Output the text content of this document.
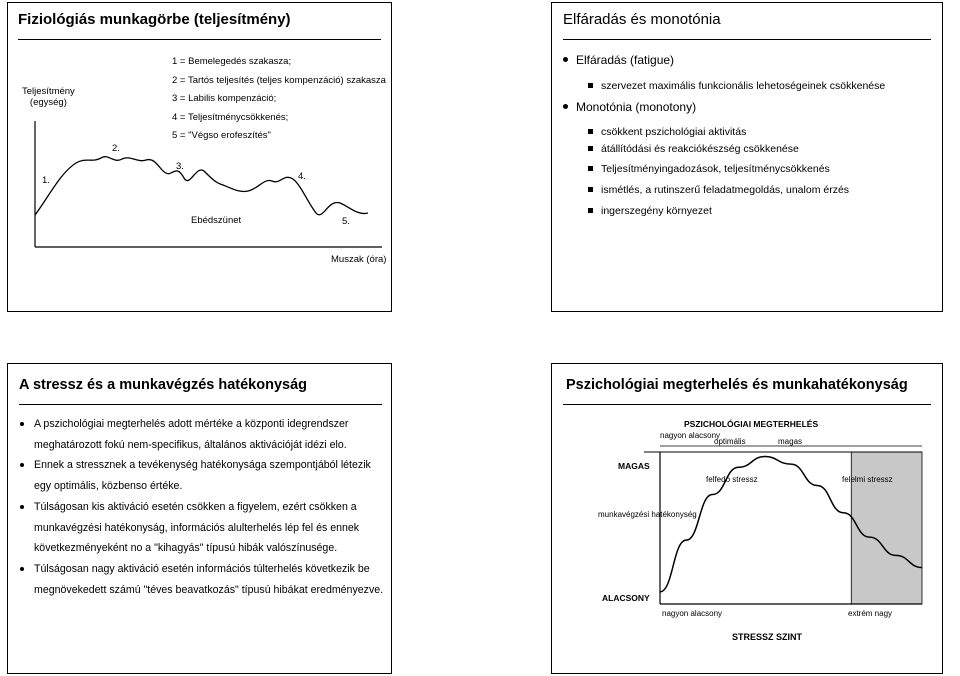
Fiziológiás munkagörbe (teljesítmény)
Teljesítmény
(egység)
1 = Bemelegedés szakasza;
2 = Tartós teljesítés (teljes kompenzáció) szakasza
3 = Labilis kompenzáció;
4 = Teljesítménycsökkenés;
5 = "Végso erofeszítés"
1.
2.
3.
4.
5.
Ebédszünet
Muszak (óra)
Elfáradás és monotónia
Elfáradás (fatigue)
szervezet maximális funkcionális lehetoségeinek csökkenése
Monotónia (monotony)
csökkent pszichológiai aktivitás
átállítódási és reakciókészség csökkenése
Teljesítményingadozások, teljesítménycsökkenés
ismétlés, a rutinszerű feladatmegoldás, unalom érzés
ingerszegény környezet
A stressz és a munkavégzés hatékonyság
A pszichológiai megterhelés adott mértéke a központi idegrendszer meghatározott fokú nem-specifikus, általános aktivációját idézi elo.
Ennek a stressznek a tevékenység hatékonysága szempontjából létezik egy optimális, közbenso értéke.
Túlságosan kis aktiváció esetén csökken a figyelem, ezért csökken a munkavégzési hatékonyság, információs alulterhelés lép fel és ennek következményeként no a "kihagyás" típusú hibák valószínusége.
Túlságosan nagy aktiváció esetén információs túlterhelés következik be megnövekedett számú "téves beavatkozás" típusú hibákat eredményezve.
Pszichológiai megterhelés és munkahatékonyság
PSZICHOLÓGIAI MEGTERHELÉS
nagyon alacsony
optimális	magas
MAGAS
ALACSONY
munkavégzési hatékonység
felfedo stressz	felelmi stressz
nagyon alacsony	extrém nagy
STRESSZ SZINT
